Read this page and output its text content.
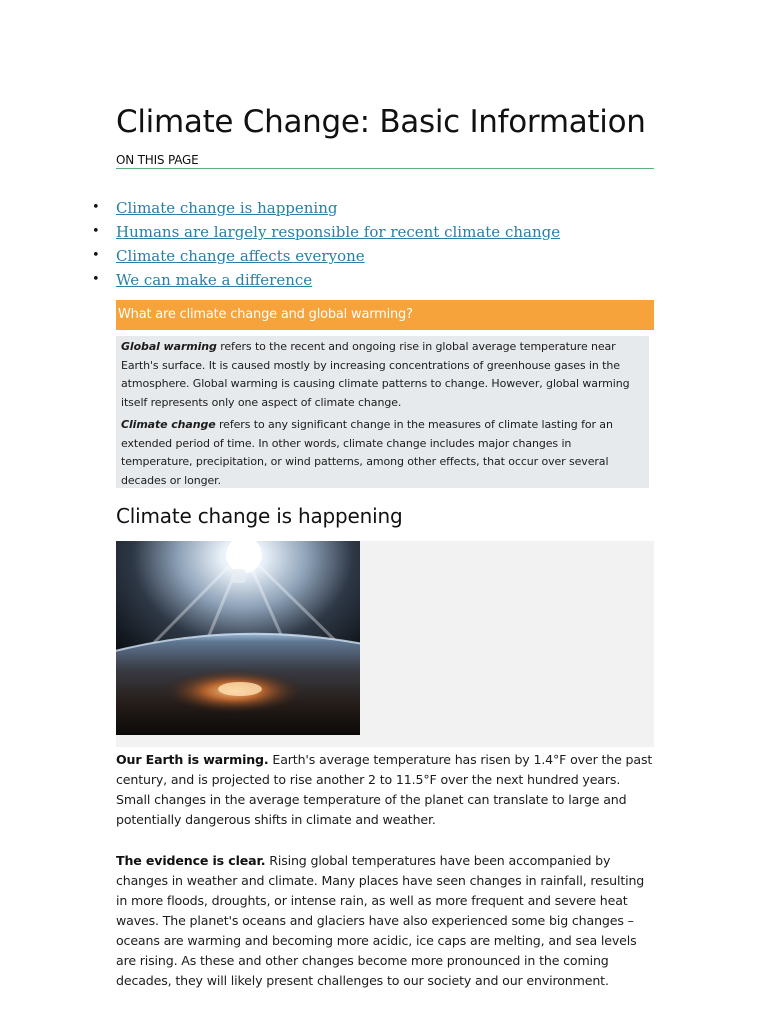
Climate Change: Basic Information
ON THIS PAGE
• Climate change is happening
• Humans are largely responsible for recent climate change
• Climate change affects everyone
• We can make a difference
What are climate change and global warming?

Global warming refers to the recent and ongoing rise in global average temperature near Earth's surface. It is caused mostly by increasing concentrations of greenhouse gases in the atmosphere. Global warming is causing climate patterns to change. However, global warming itself represents only one aspect of climate change.

Climate change refers to any significant change in the measures of climate lasting for an extended period of time. In other words, climate change includes major changes in temperature, precipitation, or wind patterns, among other effects, that occur over several decades or longer.

Climate change is happening

Our Earth is warming. Earth's average temperature has risen by 1.4°F over the past century, and is projected to rise another 2 to 11.5°F over the next hundred years. Small changes in the average temperature of the planet can translate to large and potentially dangerous shifts in climate and weather.

The evidence is clear. Rising global temperatures have been accompanied by changes in weather and climate. Many places have seen changes in rainfall, resulting in more floods, droughts, or intense rain, as well as more frequent and severe heat waves. The planet's oceans and glaciers have also experienced some big changes – oceans are warming and becoming more acidic, ice caps are melting, and sea levels are rising. As these and other changes become more pronounced in the coming decades, they will likely present challenges to our society and our environment.
